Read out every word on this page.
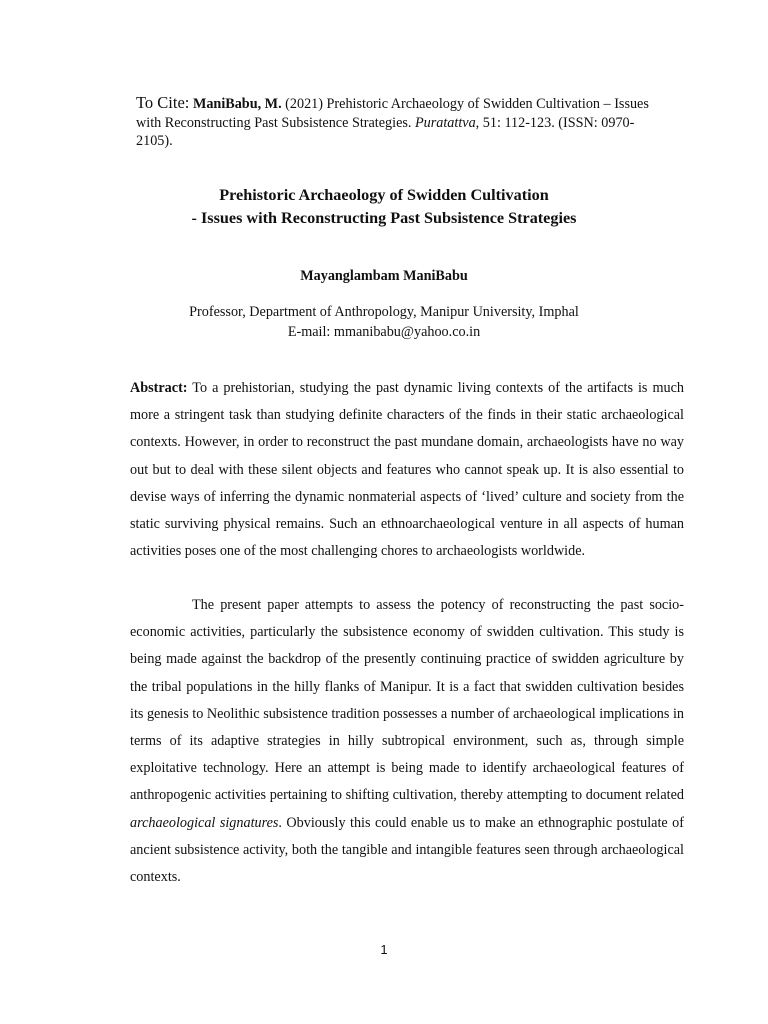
To Cite: ManiBabu, M. (2021) Prehistoric Archaeology of Swidden Cultivation – Issues with Reconstructing Past Subsistence Strategies. Puratattva, 51: 112-123. (ISSN: 0970-2105).
Prehistoric Archaeology of Swidden Cultivation
- Issues with Reconstructing Past Subsistence Strategies
Mayanglambam ManiBabu
Professor, Department of Anthropology, Manipur University, Imphal
E-mail: mmanibabu@yahoo.co.in

Abstract: To a prehistorian, studying the past dynamic living contexts of the artifacts is much more a stringent task than studying definite characters of the finds in their static archaeological contexts. However, in order to reconstruct the past mundane domain, archaeologists have no way out but to deal with these silent objects and features who cannot speak up. It is also essential to devise ways of inferring the dynamic nonmaterial aspects of ‘lived’ culture and society from the static surviving physical remains. Such an ethnoarchaeological venture in all aspects of human activities poses one of the most challenging chores to archaeologists worldwide.

The present paper attempts to assess the potency of reconstructing the past socio-economic activities, particularly the subsistence economy of swidden cultivation. This study is being made against the backdrop of the presently continuing practice of swidden agriculture by the tribal populations in the hilly flanks of Manipur. It is a fact that swidden cultivation besides its genesis to Neolithic subsistence tradition possesses a number of archaeological implications in terms of its adaptive strategies in hilly subtropical environment, such as, through simple exploitative technology. Here an attempt is being made to identify archaeological features of anthropogenic activities pertaining to shifting cultivation, thereby attempting to document related archaeological signatures. Obviously this could enable us to make an ethnographic postulate of ancient subsistence activity, both the tangible and intangible features seen through archaeological contexts.

1
